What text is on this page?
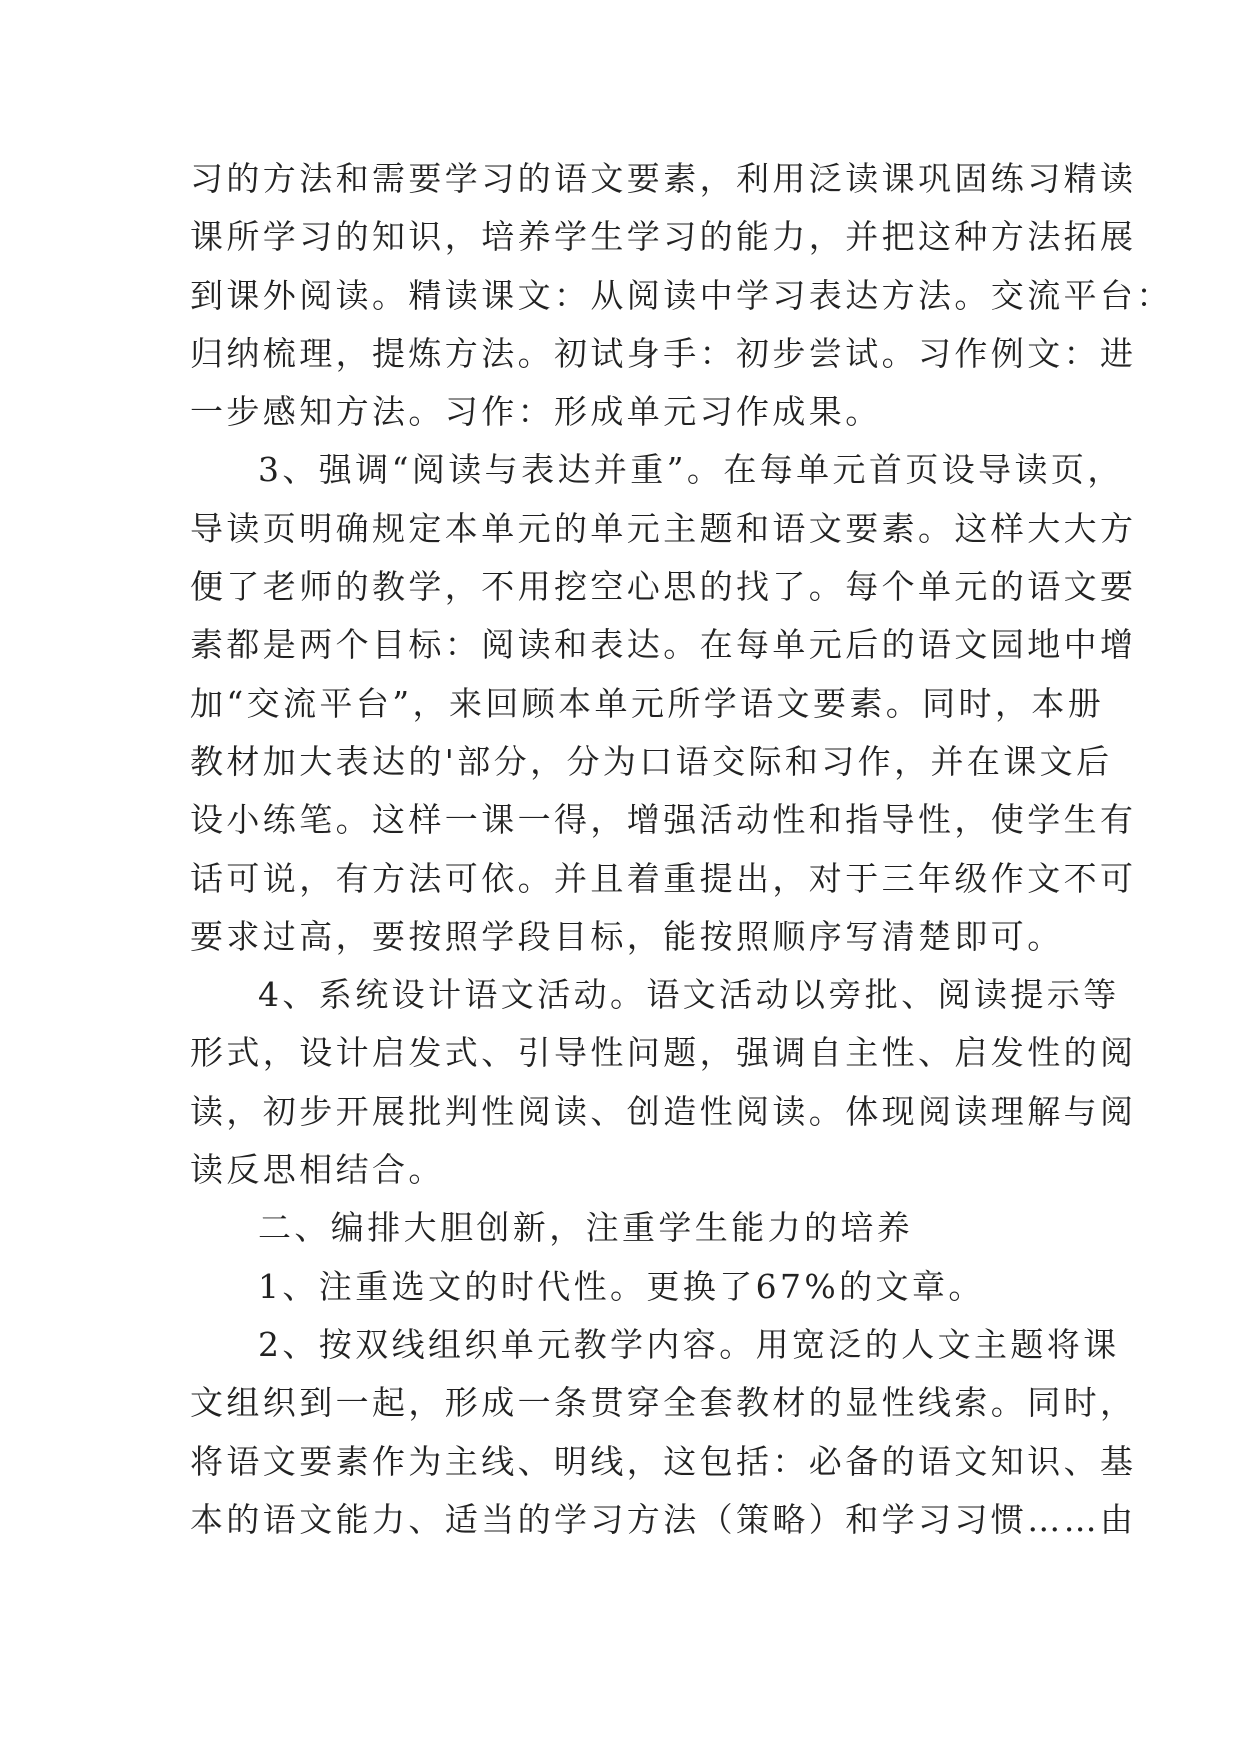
习的方法和需要学习的语文要素，利用泛读课巩固练习精读
课所学习的知识，培养学生学习的能力，并把这种方法拓展
到课外阅读。精读课文：从阅读中学习表达方法。交流平台：
归纳梳理，提炼方法。初试身手：初步尝试。习作例文：进
一步感知方法。习作：形成单元习作成果。
3、强调“阅读与表达并重”。在每单元首页设导读页，
导读页明确规定本单元的单元主题和语文要素。这样大大方
便了老师的教学，不用挖空心思的找了。每个单元的语文要
素都是两个目标：阅读和表达。在每单元后的语文园地中增
加“交流平台”，来回顾本单元所学语文要素。同时，本册
教材加大表达的'部分，分为口语交际和习作，并在课文后
设小练笔。这样一课一得，增强活动性和指导性，使学生有
话可说，有方法可依。并且着重提出，对于三年级作文不可
要求过高，要按照学段目标，能按照顺序写清楚即可。
4、系统设计语文活动。语文活动以旁批、阅读提示等
形式，设计启发式、引导性问题，强调自主性、启发性的阅
读，初步开展批判性阅读、创造性阅读。体现阅读理解与阅
读反思相结合。
二、编排大胆创新，注重学生能力的培养
1、注重选文的时代性。更换了67%的文章。
2、按双线组织单元教学内容。用宽泛的人文主题将课
文组织到一起，形成一条贯穿全套教材的显性线索。同时，
将语文要素作为主线、明线，这包括：必备的语文知识、基
本的语文能力、适当的学习方法（策略）和学习习惯……由
